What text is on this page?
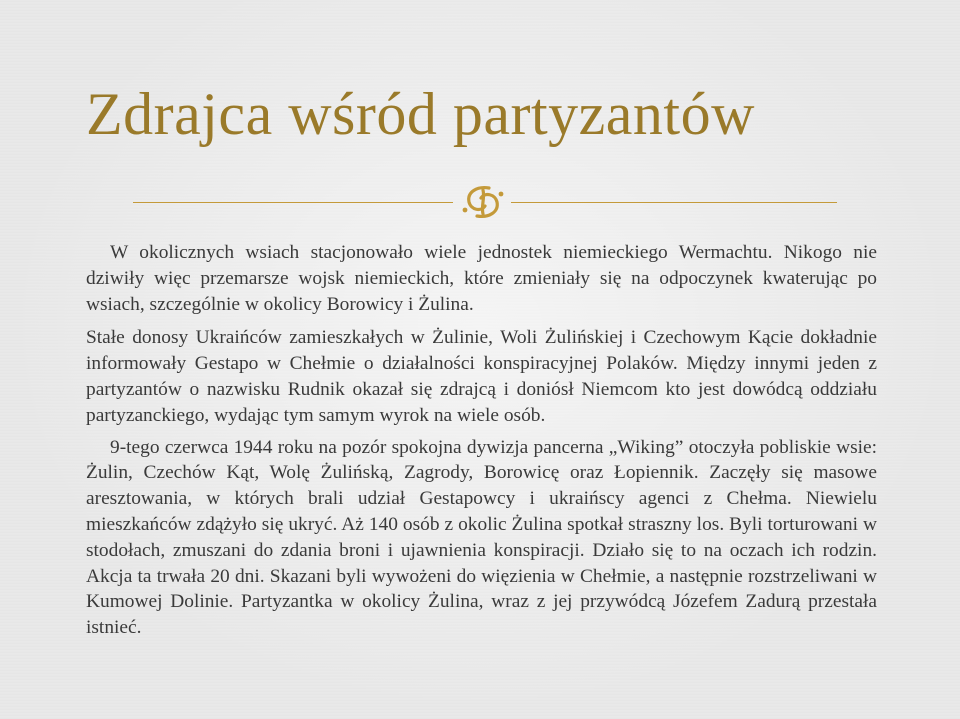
Zdrajca wśród partyzantów

W okolicznych wsiach stacjonowało wiele jednostek niemieckiego Wermachtu. Nikogo nie dziwiły więc przemarsze wojsk niemieckich, które zmieniały się na odpoczynek kwaterując po wsiach, szczególnie w okolicy Borowicy i Żulina.

Stałe donosy Ukraińców zamieszkałych w Żulinie, Woli Żulińskiej i Czechowym Kącie dokładnie informowały Gestapo w Chełmie o działalności konspiracyjnej Polaków. Między innymi jeden z partyzantów o nazwisku Rudnik okazał się zdrajcą i doniósł Niemcom kto jest dowódcą oddziału partyzanckiego, wydając tym samym wyrok na wiele osób.

9-tego czerwca 1944 roku na pozór spokojna dywizja pancerna „Wiking” otoczyła pobliskie wsie: Żulin, Czechów Kąt, Wolę Żulińską, Zagrody, Borowicę oraz Łopiennik. Zaczęły się masowe aresztowania, w których brali udział Gestapowcy i ukraińscy agenci z Chełma. Niewielu mieszkańców zdążyło się ukryć. Aż 140 osób z okolic Żulina spotkał straszny los. Byli torturowani w stodołach, zmuszani do zdania broni i ujawnienia konspiracji. Działo się to na oczach ich rodzin. Akcja ta trwała 20 dni. Skazani byli wywożeni do więzienia w Chełmie, a następnie rozstrzeliwani w Kumowej Dolinie. Partyzantka w okolicy Żulina, wraz z jej przywódcą Józefem Zadurą przestała istnieć.
